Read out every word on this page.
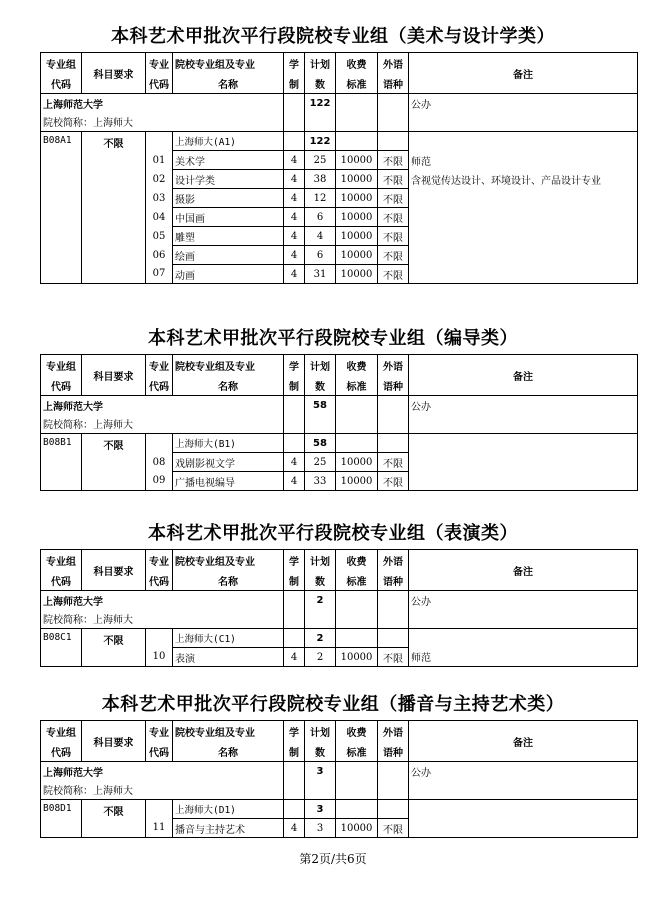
本科艺术甲批次平行段院校专业组（美术与设计学类）
专业组	科目要求	专业	院校专业组及专业	学	计划	收费	外语	备注
代码		代码	名称	制	数	标准	语种	
上海师范大学					122			公办
院校简称：上海师大								
B08A1	不限		上海师大(A1)		122			
		01	美术学	4	25	10000	不限	师范
		02	设计学类	4	38	10000	不限	含视觉传达设计、环境设计、产品设计专业
		03	摄影	4	12	10000	不限	
		04	中国画	4	6	10000	不限	
		05	雕塑	4	4	10000	不限	
		06	绘画	4	6	10000	不限	
		07	动画	4	31	10000	不限	
本科艺术甲批次平行段院校专业组（编导类）
专业组	科目要求	专业	院校专业组及专业	学	计划	收费	外语	备注
代码		代码	名称	制	数	标准	语种	
上海师范大学					58			公办
院校简称：上海师大								
B08B1	不限		上海师大(B1)		58			
		08	戏剧影视文学	4	25	10000	不限	
		09	广播电视编导	4	33	10000	不限	
本科艺术甲批次平行段院校专业组（表演类）
专业组	科目要求	专业	院校专业组及专业	学	计划	收费	外语	备注
代码		代码	名称	制	数	标准	语种	
上海师范大学					2			公办
院校简称：上海师大								
B08C1	不限		上海师大(C1)		2			
		10	表演	4	2	10000	不限	师范
本科艺术甲批次平行段院校专业组（播音与主持艺术类）
专业组	科目要求	专业	院校专业组及专业	学	计划	收费	外语	备注
代码		代码	名称	制	数	标准	语种	
上海师范大学					3			公办
院校简称：上海师大								
B08D1	不限		上海师大(D1)		3			
		11	播音与主持艺术	4	3	10000	不限	
第2页/共6页
